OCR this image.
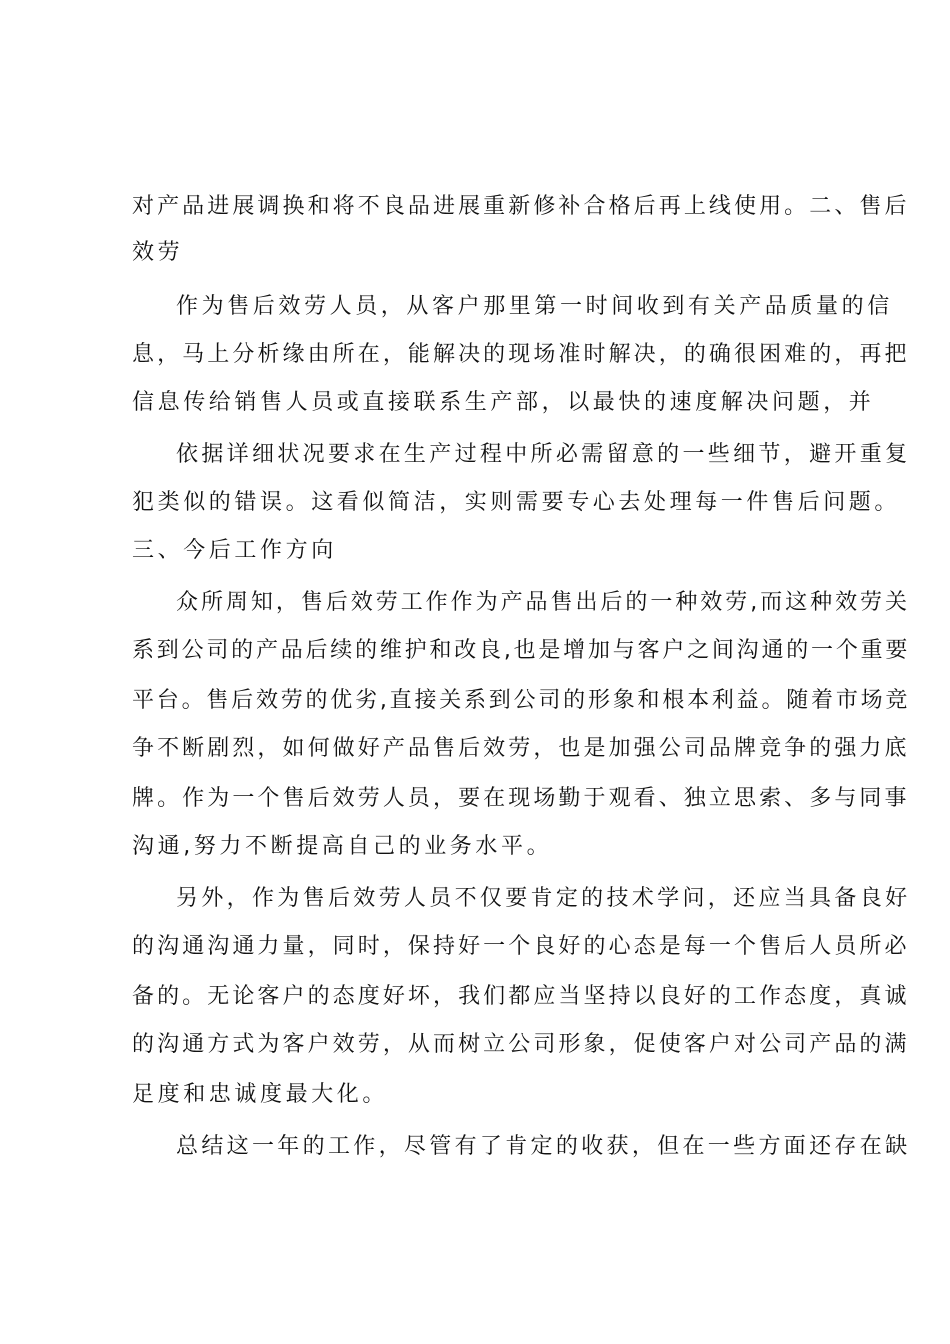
对产品进展调换和将不良品进展重新修补合格后再上线使用。二、售后
效劳
作为售后效劳人员，从客户那里第一时间收到有关产品质量的信
息，马上分析缘由所在，能解决的现场准时解决，的确很困难的，再把
信息传给销售人员或直接联系生产部，以最快的速度解决问题，并
依据详细状况要求在生产过程中所必需留意的一些细节，避开重复
犯类似的错误。这看似简洁，实则需要专心去处理每一件售后问题。
三、今后工作方向
众所周知，售后效劳工作作为产品售出后的一种效劳,而这种效劳关
系到公司的产品后续的维护和改良,也是增加与客户之间沟通的一个重要
平台。售后效劳的优劣,直接关系到公司的形象和根本利益。随着市场竞
争不断剧烈，如何做好产品售后效劳，也是加强公司品牌竞争的强力底
牌。作为一个售后效劳人员，要在现场勤于观看、独立思索、多与同事
沟通,努力不断提高自己的业务水平。
另外，作为售后效劳人员不仅要肯定的技术学问，还应当具备良好
的沟通沟通力量，同时，保持好一个良好的心态是每一个售后人员所必
备的。无论客户的态度好坏，我们都应当坚持以良好的工作态度，真诚
的沟通方式为客户效劳，从而树立公司形象，促使客户对公司产品的满
足度和忠诚度最大化。
总结这一年的工作，尽管有了肯定的收获，但在一些方面还存在缺
